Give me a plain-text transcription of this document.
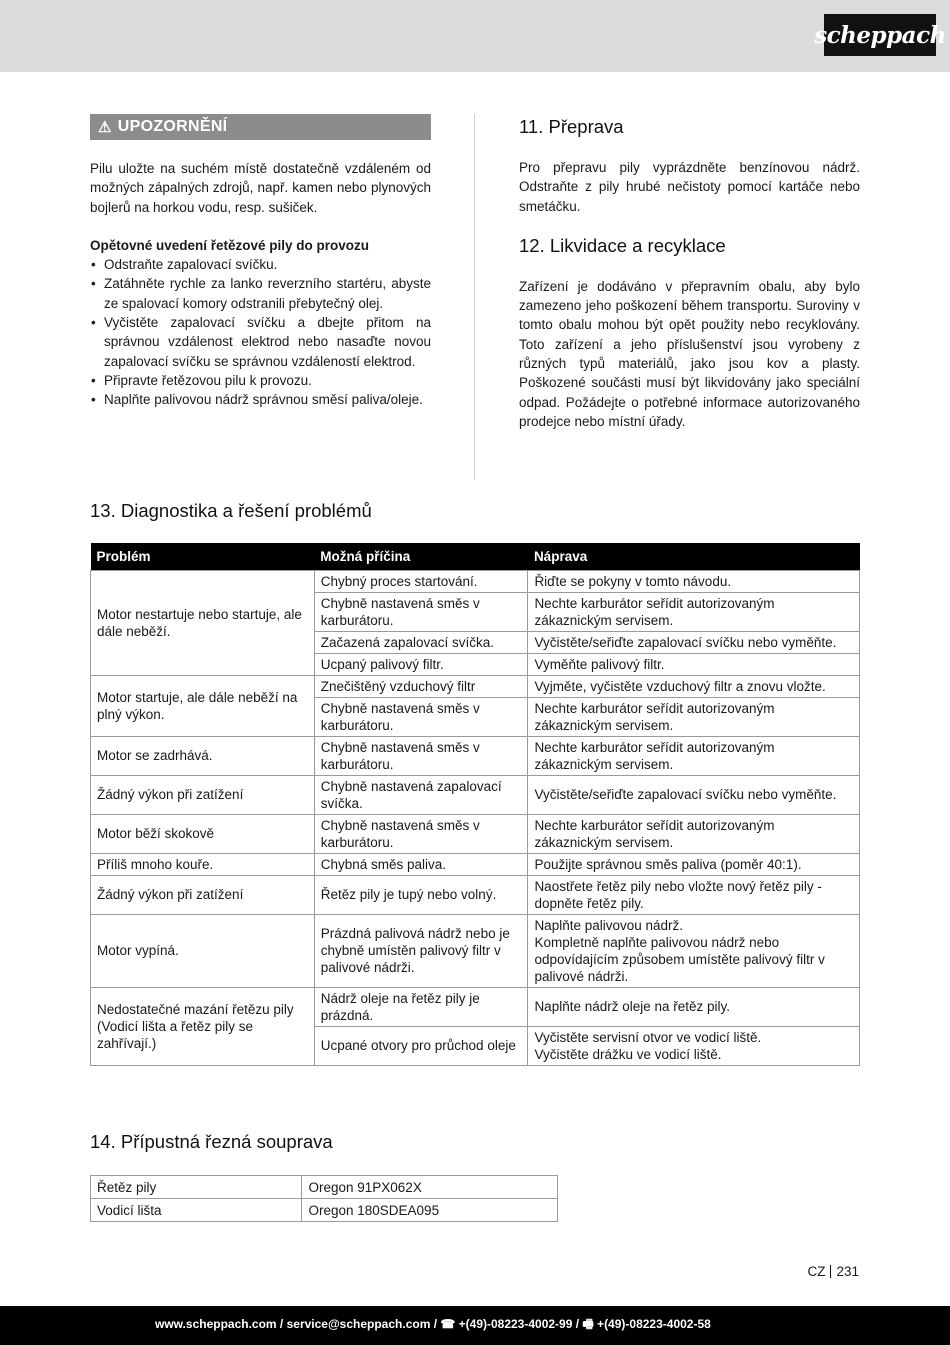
scheppach
⚠ UPOZORNĚNÍ

Pilu uložte na suchém místě dostatečně vzdáleném od možných zápalných zdrojů, např. kamen nebo plynových bojlerů na horkou vodu, resp. sušiček.

Opětovné uvedení řetězové pily do provozu
• Odstraňte zapalovací svíčku.
• Zatáhněte rychle za lanko reverzního startéru, abyste ze spalovací komory odstranili přebytečný olej.
• Vyčistěte zapalovací svíčku a dbejte přitom na správnou vzdálenost elektrod nebo nasaďte novou zapalovací svíčku se správnou vzdáleností elektrod.
• Připravte řetězovou pilu k provozu.
• Naplňte palivovou nádrž správnou směsí paliva/oleje.
11. Přeprava

Pro přepravu pily vyprázdněte benzínovou nádrž. Odstraňte z pily hrubé nečistoty pomocí kartáče nebo smetáčku.

12. Likvidace a recyklace

Zařízení je dodáváno v přepravním obalu, aby bylo zamezeno jeho poškození během transportu. Suroviny v tomto obalu mohou být opět použity nebo recyklovány. Toto zařízení a jeho příslušenství jsou vyrobeny z různých typů materiálů, jako jsou kov a plasty. Poškozené součásti musí být likvidovány jako speciální odpad. Požádejte o potřebné informace autorizovaného prodejce nebo místní úřady.

13. Diagnostika a řešení problémů
Problém	Možná příčina	Náprava
Motor nestartuje nebo startuje, ale dále neběží.	Chybný proces startování.	Řiďte se pokyny v tomto návodu.
	Chybně nastavená směs v karburátoru.	Nechte karburátor seřídit autorizovaným zákaznickým servisem.
	Začazená zapalovací svíčka.	Vyčistěte/seřiďte zapalovací svíčku nebo vyměňte.
	Ucpaný palivový filtr.	Vyměňte palivový filtr.
Motor startuje, ale dále neběží na plný výkon.	Znečištěný vzduchový filtr	Vyjměte, vyčistěte vzduchový filtr a znovu vložte.
	Chybně nastavená směs v karburátoru.	Nechte karburátor seřídit autorizovaným zákaznickým servisem.
Motor se zadrhává.	Chybně nastavená směs v karburátoru.	Nechte karburátor seřídit autorizovaným zákaznickým servisem.
Žádný výkon při zatížení	Chybně nastavená zapalovací svíčka.	Vyčistěte/seřiďte zapalovací svíčku nebo vyměňte.
Motor běží skokově	Chybně nastavená směs v karburátoru.	Nechte karburátor seřídit autorizovaným zákaznickým servisem.
Příliš mnoho kouře.	Chybná směs paliva.	Použijte správnou směs paliva (poměr 40:1).
Žádný výkon při zatížení	Řetěz pily je tupý nebo volný.	Naostřete řetěz pily nebo vložte nový řetěz pily - dopněte řetěz pily.
Motor vypíná.	Prázdná palivová nádrž nebo je chybně umístěn palivový filtr v palivové nádrži.	Naplňte palivovou nádrž.
Kompletně naplňte palivovou nádrž nebo odpovídajícím způsobem umístěte palivový filtr v palivové nádrži.
Nedostatečné mazání řetězu pily (Vodicí lišta a řetěz pily se zahřívají.)	Nádrž oleje na řetěz pily je prázdná.	Naplňte nádrž oleje na řetěz pily.
	Ucpané otvory pro průchod oleje	Vyčistěte servisní otvor ve vodicí liště.
Vyčistěte drážku ve vodicí liště.
14. Přípustná řezná souprava
Řetěz pily	Oregon 91PX062X
Vodicí lišta	Oregon 180SDEA095
CZ 231
www.scheppach.com / service@scheppach.com / ☎ +(49)-08223-4002-99 / 🖷 +(49)-08223-4002-58
